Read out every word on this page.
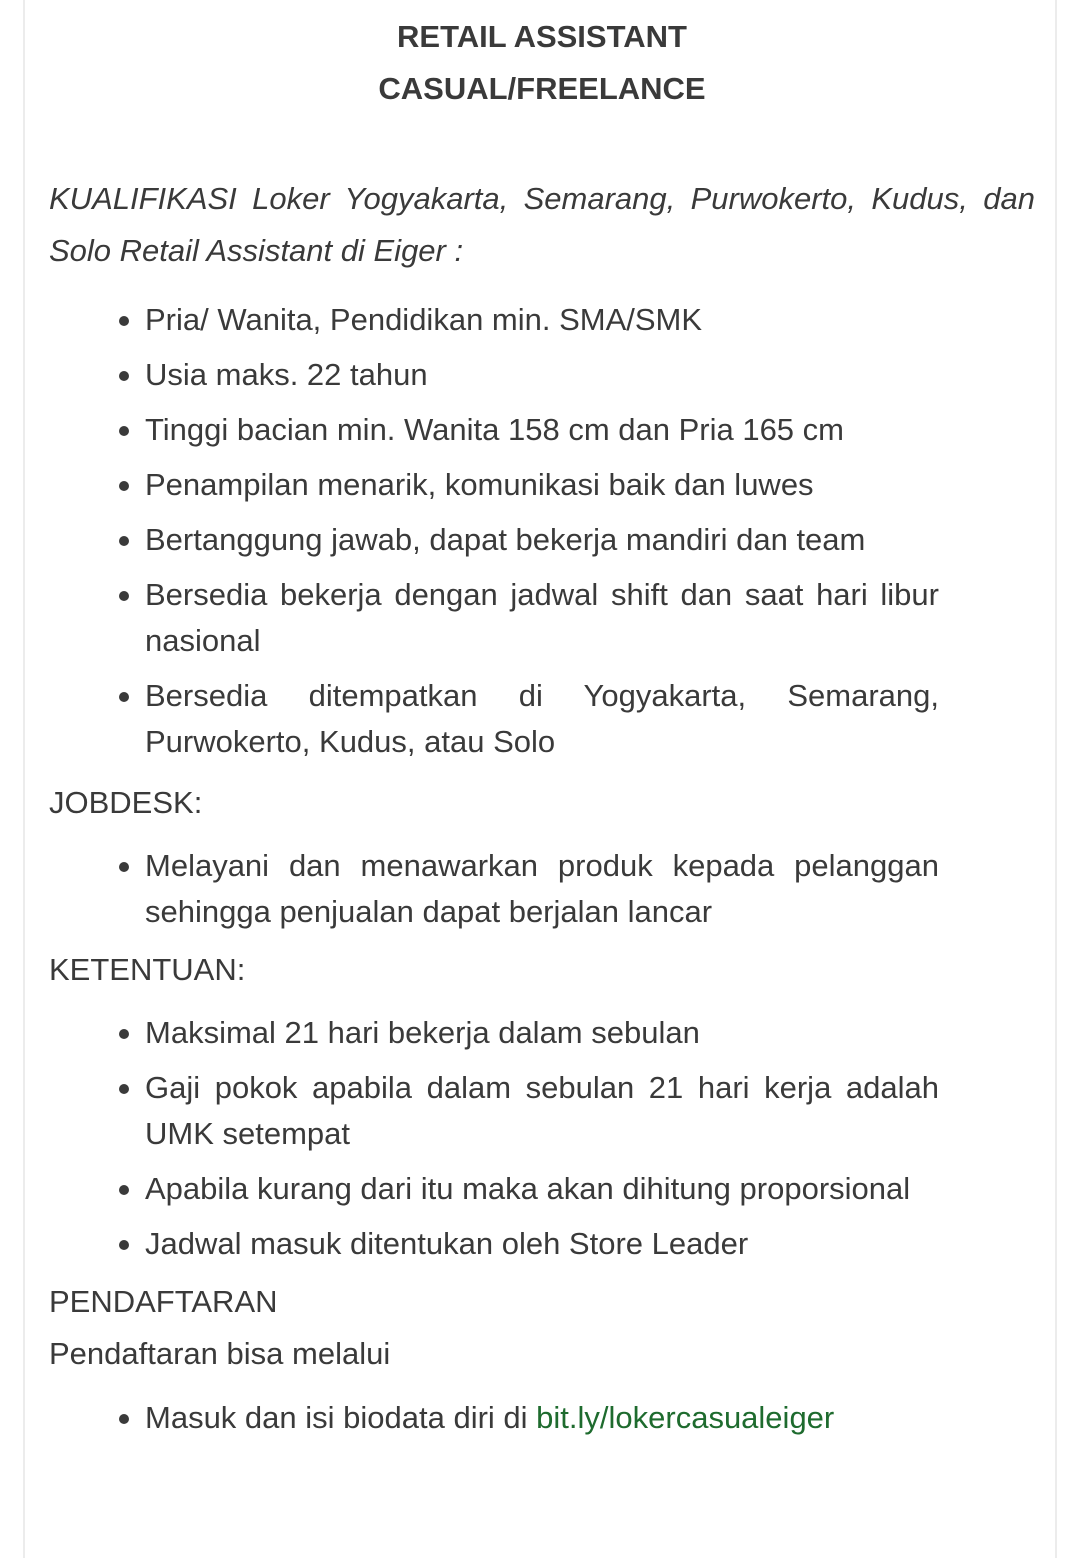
RETAIL ASSISTANT
CASUAL/FREELANCE
KUALIFIKASI Loker Yogyakarta, Semarang, Purwokerto, Kudus, dan Solo Retail Assistant di Eiger :
Pria/ Wanita, Pendidikan min. SMA/SMK
Usia maks. 22 tahun
Tinggi bacian min. Wanita 158 cm dan Pria 165 cm
Penampilan menarik, komunikasi baik dan luwes
Bertanggung jawab, dapat bekerja mandiri dan team
Bersedia bekerja dengan jadwal shift dan saat hari libur nasional
Bersedia ditempatkan di Yogyakarta, Semarang, Purwokerto, Kudus, atau Solo
JOBDESK:
Melayani dan menawarkan produk kepada pelanggan sehingga penjualan dapat berjalan lancar
KETENTUAN:
Maksimal 21 hari bekerja dalam sebulan
Gaji pokok apabila dalam sebulan 21 hari kerja adalah UMK setempat
Apabila kurang dari itu maka akan dihitung proporsional
Jadwal masuk ditentukan oleh Store Leader
PENDAFTARAN
Pendaftaran bisa melalui
Masuk dan isi biodata diri di bit.ly/lokercasualeiger
